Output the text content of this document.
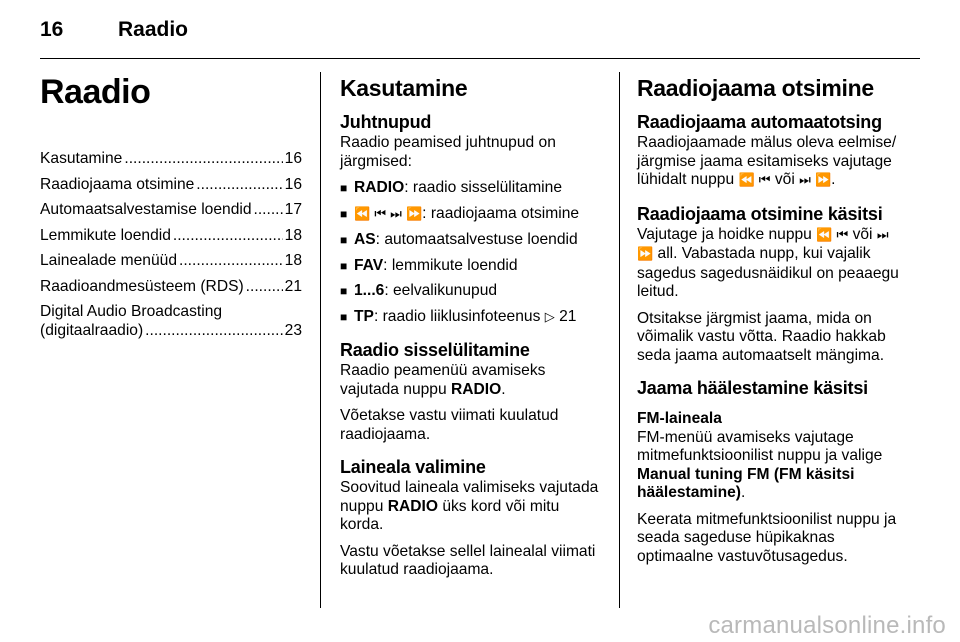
16	Raadio
Raadio
Kasutamine .....	16
Raadiojaama otsimine .....	16
Automaatsalvestamise loendid ..... 17
Lemmikute loendid .....	18
Lainealade menüüd .....	18
Raadioandmesüsteem (RDS) .....	21
Digital Audio Broadcasting
(digitaalraadio) .....	23
Kasutamine
Juhtnupud

Raadio peamised juhtnupud on järgmised:

■ RADIO: raadio sisselülitamine
■ ⏪ ⏮ ⏭ ⏩: raadiojaama otsimine
■ AS: automaatsalvestuse loendid
■ FAV: lemmikute loendid
■ 1...6: eelvalikunupud
■ TP: raadio liiklusinfoteenus ▷ 21
Raadio sisselülitamine

Raadio peamenüü avamiseks vajutada nuppu RADIO.

Võetakse vastu viimati kuulatud raadiojaama.

Laineala valimine

Soovitud laineala valimiseks vajutada nuppu RADIO üks kord või mitu korda.

Vastu võetakse sellel lainealal viimati kuulatud raadiojaama.

Raadiojaama otsimine
Raadiojaama automaatotsing

Raadiojaamade mälus oleva eelmise/ järgmise jaama esitamiseks vajutage lühidalt nuppu ⏪ ⏮ või ⏭ ⏩.

Raadiojaama otsimine käsitsi

Vajutage ja hoidke nuppu ⏪ ⏮ või ⏭ ⏩ all. Vabastada nupp, kui vajalik sagedus sagedusnäidikul on peaaegu leitud.

Otsitakse järgmist jaama, mida on võimalik vastu võtta. Raadio hakkab seda jaama automaatselt mängima.

Jaama häälestamine käsitsi
FM-laineala

FM-menüü avamiseks vajutage mitmefunktsioonilist nuppu ja valige Manual tuning FM (FM käsitsi häälestamine).

Keerata mitmefunktsioonilist nuppu ja seada sageduse hüpikaknas optimaalne vastuvõtusagedus.

carmanualsonline.info
